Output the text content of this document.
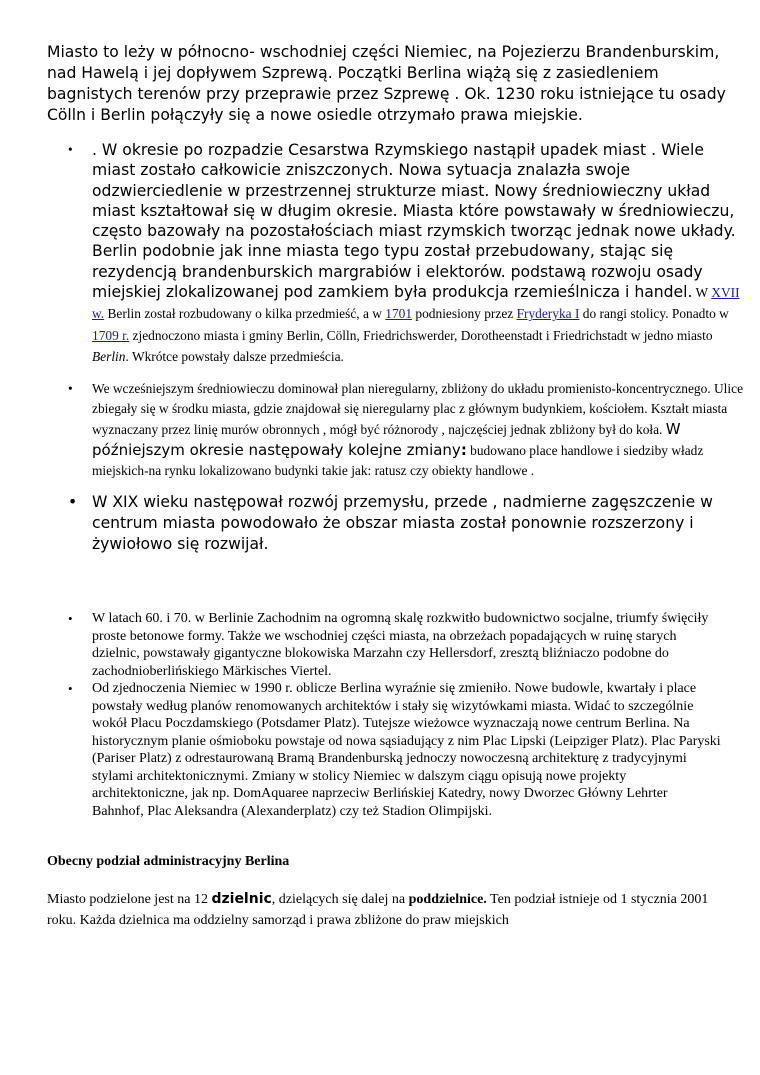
Miasto to leży w północno- wschodniej części Niemiec, na Pojezierzu Brandenburskim, nad Hawelą i jej dopływem Szprewą. Początki Berlina wiążą się z zasiedleniem bagnistych terenów przy przeprawie przez Szprewę . Ok. 1230 roku istniejące tu osady Cölln i Berlin połączyły się a nowe osiedle otrzymało prawa miejskie.

• . W okresie po rozpadzie Cesarstwa Rzymskiego nastąpił upadek miast . Wiele miast zostało całkowicie zniszczonych. Nowa sytuacja znalazła swoje odzwierciedlenie w przestrzennej strukturze miast. Nowy średniowieczny układ miast kształtował się w długim okresie. Miasta które powstawały w średniowieczu, często bazowały na pozostałościach miast rzymskich tworząc jednak nowe układy. Berlin podobnie jak inne miasta tego typu został przebudowany, stając się rezydencją brandenburskich margrabiów i elektorów. podstawą rozwoju osady miejskiej zlokalizowanej pod zamkiem była produkcja rzemieślnicza i handel. W XVII w. Berlin został rozbudowany o kilka przedmieść, a w 1701 podniesiony przez Fryderyka I do rangi stolicy. Ponadto w 1709 r. zjednoczono miasta i gminy Berlin, Cölln, Friedrichswerder, Dorotheenstadt i Friedrichstadt w jedno miasto Berlin. Wkrótce powstały dalsze przedmieścia.
• We wcześniejszym średniowieczu dominował plan nieregularny, zbliżony do układu promienisto-koncentrycznego. Ulice zbiegały się w środku miasta, gdzie znajdował się nieregularny plac z głównym budynkiem, kościołem. Kształt miasta wyznaczany przez linię murów obronnych , mógł być różnorody , najczęściej jednak zbliżony był do koła. W późniejszym okresie następowały kolejne zmiany: budowano place handlowe i siedziby władz miejskich-na rynku lokalizowano budynki takie jak: ratusz czy obiekty handlowe .
• W XIX wieku następował rozwój przemysłu, przede , nadmierne zagęszczenie w centrum miasta powodowało że obszar miasta został ponownie rozszerzony i żywiołowo się rozwijał.
• W latach 60. i 70. w Berlinie Zachodnim na ogromną skalę rozkwitło budownictwo socjalne, triumfy święciły proste betonowe formy. Także we wschodniej części miasta, na obrzeżach popadających w ruinę starych dzielnic, powstawały gigantyczne blokowiska Marzahn czy Hellersdorf, zresztą bliźniaczo podobne do zachodnioberlińskiego Märkisches Viertel.
• Od zjednoczenia Niemiec w 1990 r. oblicze Berlina wyraźnie się zmieniło. Nowe budowle, kwartały i place powstały według planów renomowanych architektów i stały się wizytówkami miasta. Widać to szczególnie wokół Placu Poczdamskiego (Potsdamer Platz). Tutejsze wieżowce wyznaczają nowe centrum Berlina. Na historycznym planie ośmioboku powstaje od nowa sąsiadujący z nim Plac Lipski (Leipziger Platz). Plac Paryski (Pariser Platz) z odrestaurowaną Bramą Brandenburską jednoczy nowoczesną architekturę z tradycyjnymi stylami architektonicznymi. Zmiany w stolicy Niemiec w dalszym ciągu opisują nowe projekty architektoniczne, jak np. DomAquaree naprzeciw Berlińskiej Katedry, nowy Dworzec Główny Lehrter Bahnhof, Plac Aleksandra (Alexanderplatz) czy też Stadion Olimpijski.
Obecny podział administracyjny Berlina

Miasto podzielone jest na 12 dzielnic, dzielących się dalej na poddzielnice. Ten podział istnieje od 1 stycznia 2001 roku. Każda dzielnica ma oddzielny samorząd i prawa zbliżone do praw miejskich
